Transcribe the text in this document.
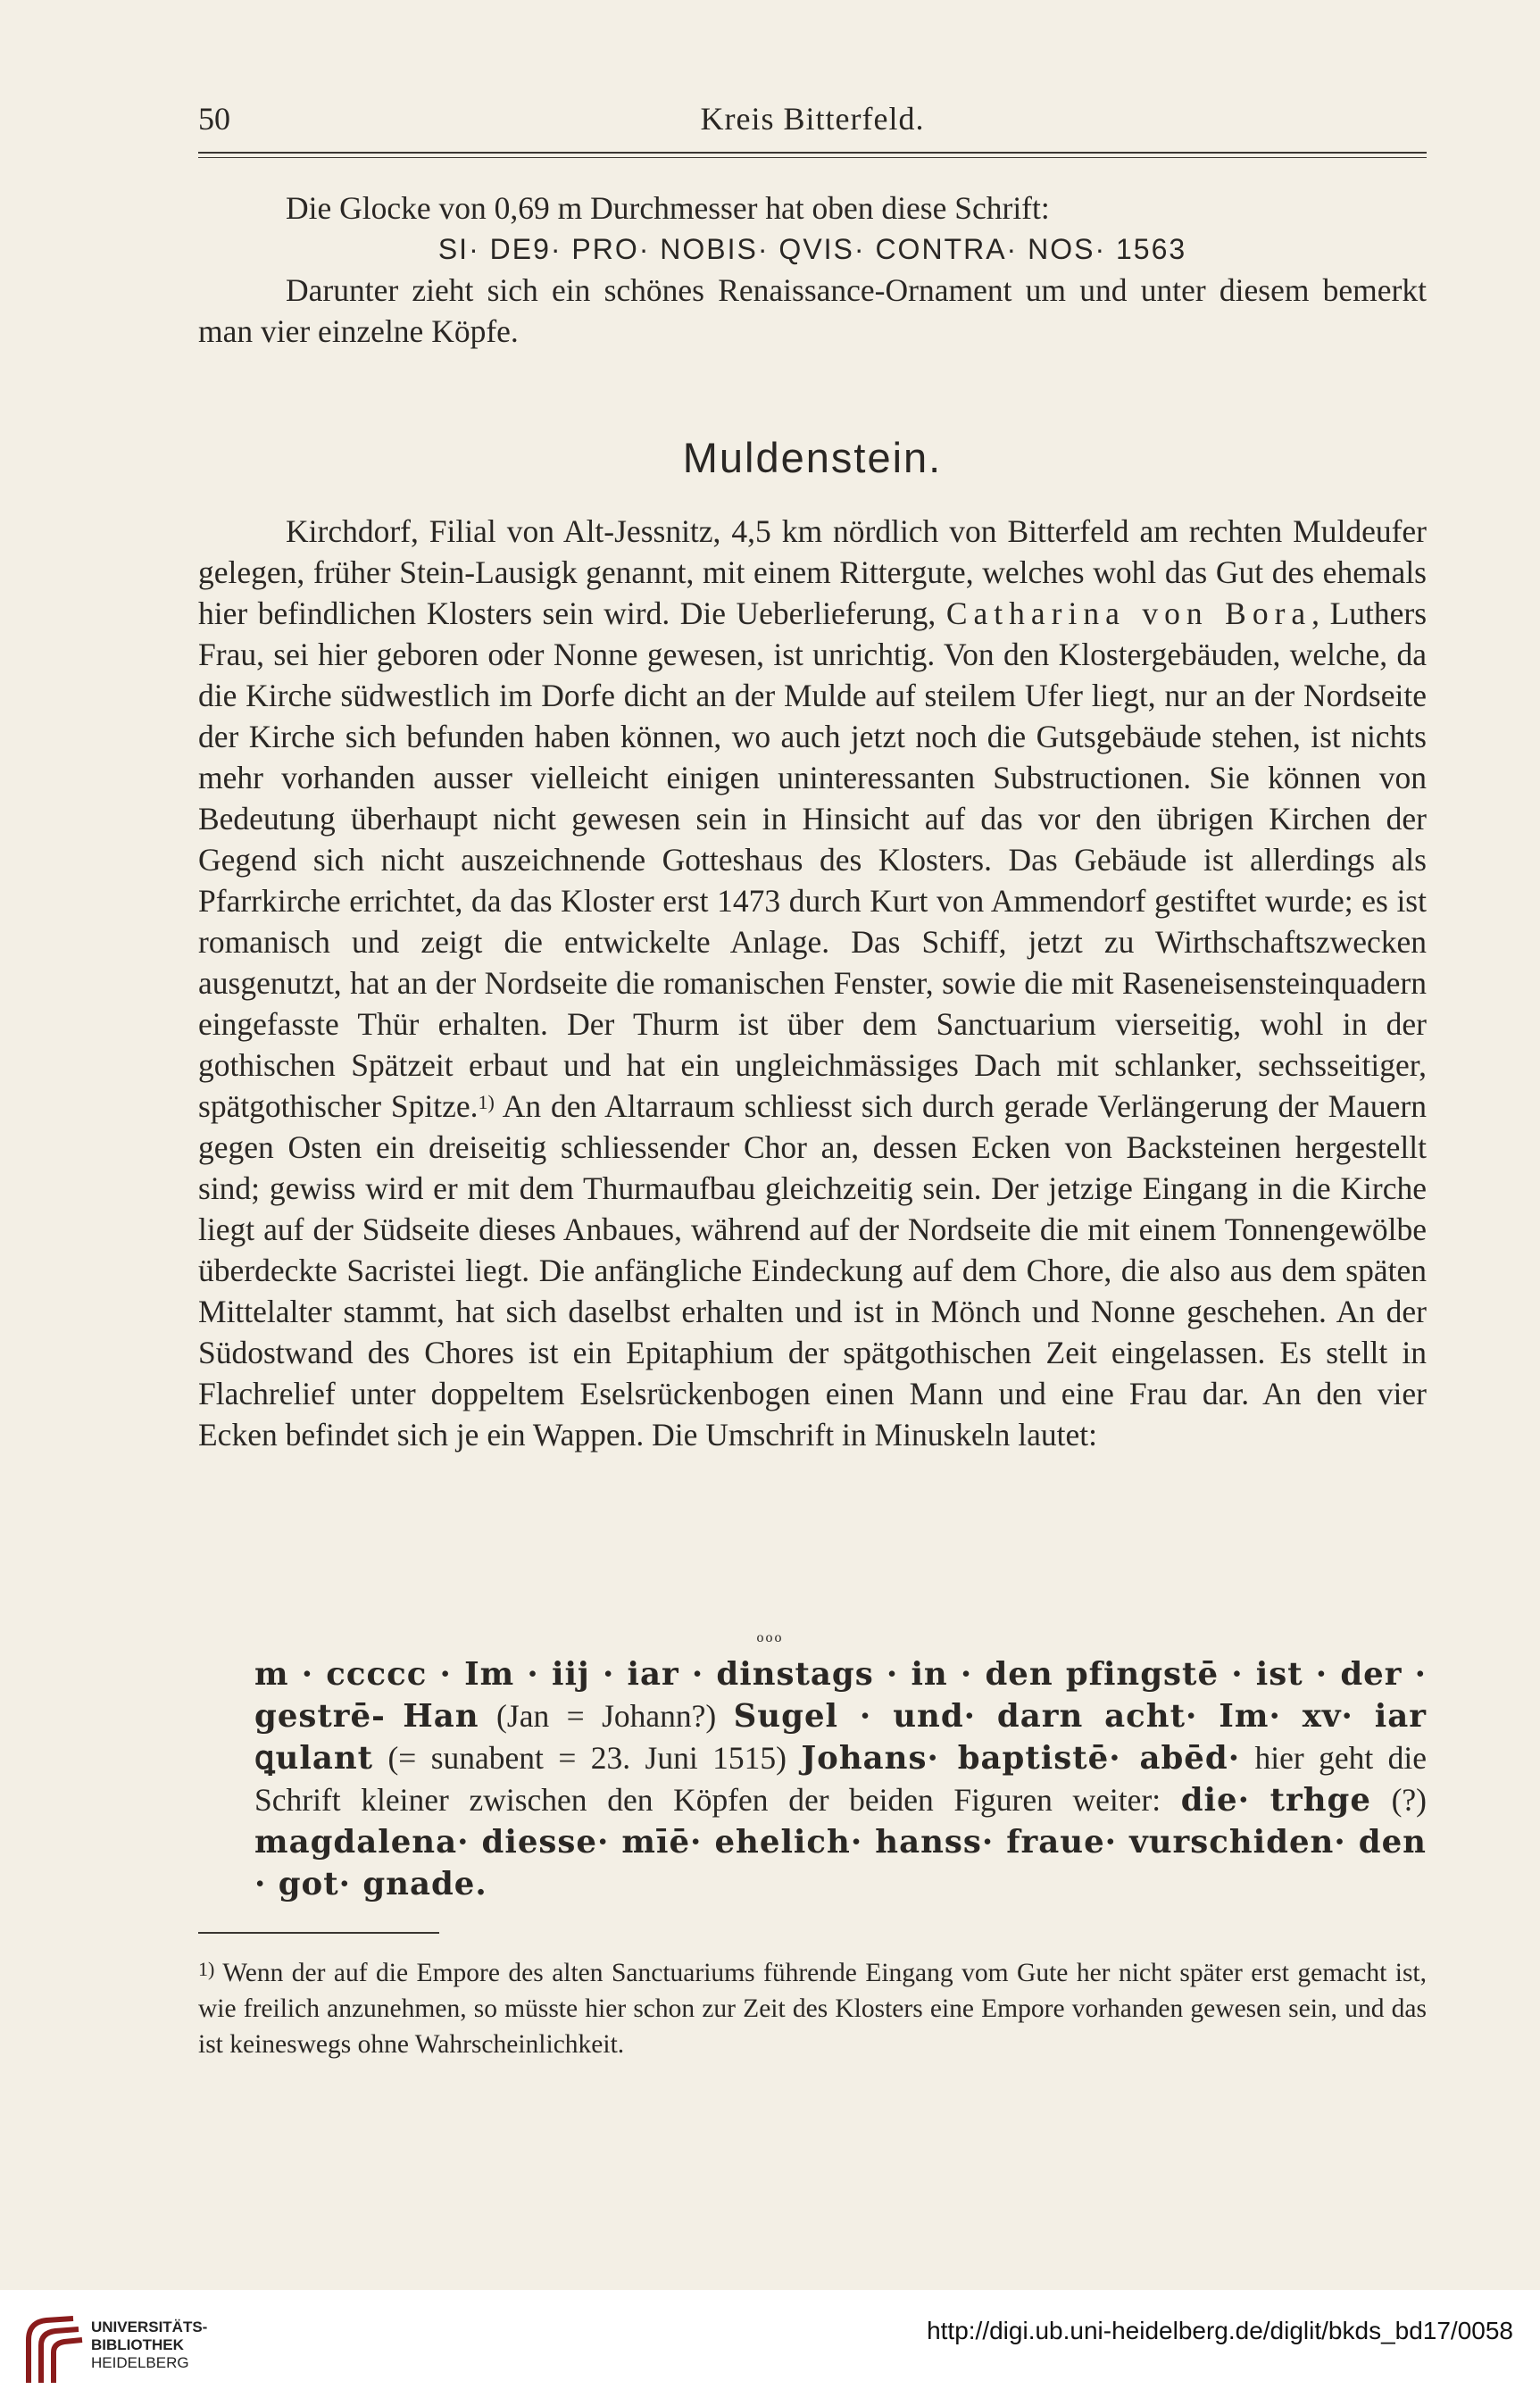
50	Kreis Bitterfeld.

Die Glocke von 0,69 m Durchmesser hat oben diese Schrift:

SI· DE9· PRO· NOBIS· QVIS· CONTRA· NOS· 1563

Darunter zieht sich ein schönes Renaissance-Ornament um und unter diesem bemerkt man vier einzelne Köpfe.

Muldenstein.

Kirchdorf, Filial von Alt-Jessnitz, 4,5 km nördlich von Bitterfeld am rechten Muldeufer gelegen, früher Stein-Lausigk genannt, mit einem Rittergute, welches wohl das Gut des ehemals hier befindlichen Klosters sein wird. Die Ueberlieferung, Catharina von Bora, Luthers Frau, sei hier geboren oder Nonne gewesen, ist unrichtig. Von den Klostergebäuden, welche, da die Kirche südwestlich im Dorfe dicht an der Mulde auf steilem Ufer liegt, nur an der Nordseite der Kirche sich befunden haben können, wo auch jetzt noch die Gutsgebäude stehen, ist nichts mehr vorhanden ausser vielleicht einigen uninteressanten Substructionen. Sie können von Bedeutung überhaupt nicht gewesen sein in Hinsicht auf das vor den übrigen Kirchen der Gegend sich nicht auszeichnende Gotteshaus des Klosters. Das Gebäude ist allerdings als Pfarrkirche errichtet, da das Kloster erst 1473 durch Kurt von Ammendorf gestiftet wurde; es ist romanisch und zeigt die entwickelte Anlage. Das Schiff, jetzt zu Wirthschaftszwecken ausgenutzt, hat an der Nordseite die romanischen Fenster, sowie die mit Raseneisensteinquadern eingefasste Thür erhalten. Der Thurm ist über dem Sanctuarium vierseitig, wohl in der gothischen Spätzeit erbaut und hat ein ungleichmässiges Dach mit schlanker, sechsseitiger, spätgothischer Spitze.$^{1)}$ An den Altarraum schliesst sich durch gerade Verlängerung der Mauern gegen Osten ein dreiseitig schliessender Chor an, dessen Ecken von Backsteinen hergestellt sind; gewiss wird er mit dem Thurmaufbau gleichzeitig sein. Der jetzige Eingang in die Kirche liegt auf der Südseite dieses Anbaues, während auf der Nordseite die mit einem Tonnengewölbe überdeckte Sacristei liegt. Die anfängliche Eindeckung auf dem Chore, die also aus dem späten Mittelalter stammt, hat sich daselbst erhalten und ist in Mönch und Nonne geschehen. An der Südostwand des Chores ist ein Epitaphium der spätgothischen Zeit eingelassen. Es stellt in Flachrelief unter doppeltem Eselsrückenbogen einen Mann und eine Frau dar. An den vier Ecken befindet sich je ein Wappen. Die Umschrift in Minuskeln lautet:

ooo

m · ccccc · Im · iij · iar · dinstags · in · den pfingstē · ist · der · gestrē- Han (Jan = Johann?) Sugel · und· darn acht· Im· xv· iar ꝗulant (= sunabent = 23. Juni 1515) Johans· baptistē· abēd· hier geht die Schrift kleiner zwischen den Köpfen der beiden Figuren weiter: die· trhge (?) magdalena· diesse· mīē· ehelich· hanss· fraue· vurschiden· den · got· gnade.

$^{1)}$ Wenn der auf die Empore des alten Sanctuariums führende Eingang vom Gute her nicht später erst gemacht ist, wie freilich anzunehmen, so müsste hier schon zur Zeit des Klosters eine Empore vorhanden gewesen sein, und das ist keineswegs ohne Wahrscheinlichkeit.
UNIVERSITÄTS-
BIBLIOTHEK
HEIDELBERG
http://digi.ub.uni-heidelberg.de/diglit/bkds_bd17/0058
